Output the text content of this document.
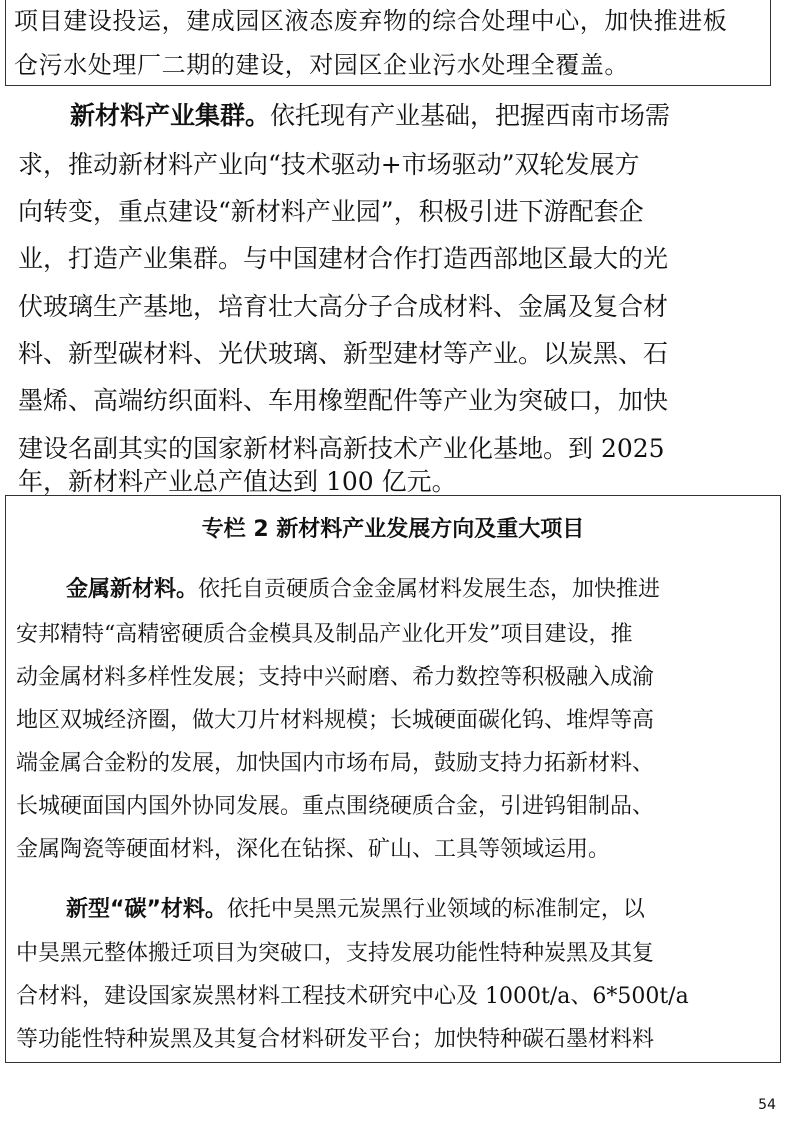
项目建设投运，建成园区液态废弃物的综合处理中心，加快推进板
仓污水处理厂二期的建设，对园区企业污水处理全覆盖。
新材料产业集群。依托现有产业基础，把握西南市场需
求，推动新材料产业向“技术驱动+市场驱动”双轮发展方
向转变，重点建设“新材料产业园”，积极引进下游配套企
业，打造产业集群。与中国建材合作打造西部地区最大的光
伏玻璃生产基地，培育壮大高分子合成材料、金属及复合材
料、新型碳材料、光伏玻璃、新型建材等产业。以炭黑、石
墨烯、高端纺织面料、车用橡塑配件等产业为突破口，加快
建设名副其实的国家新材料高新技术产业化基地。到 2025
年，新材料产业总产值达到 100 亿元。
专栏 2 新材料产业发展方向及重大项目
金属新材料。依托自贡硬质合金金属材料发展生态，加快推进
安邦精特“高精密硬质合金模具及制品产业化开发”项目建设，推
动金属材料多样性发展；支持中兴耐磨、希力数控等积极融入成渝
地区双城经济圈，做大刀片材料规模；长城硬面碳化钨、堆焊等高
端金属合金粉的发展，加快国内市场布局，鼓励支持力拓新材料、
长城硬面国内国外协同发展。重点围绕硬质合金，引进钨钼制品、
金属陶瓷等硬面材料，深化在钻探、矿山、工具等领域运用。
新型“碳”材料。依托中昊黑元炭黑行业领域的标准制定，以
中昊黑元整体搬迁项目为突破口，支持发展功能性特种炭黑及其复
合材料，建设国家炭黑材料工程技术研究中心及 1000t/a、6*500t/a
等功能性特种炭黑及其复合材料研发平台；加快特种碳石墨材料料
54
